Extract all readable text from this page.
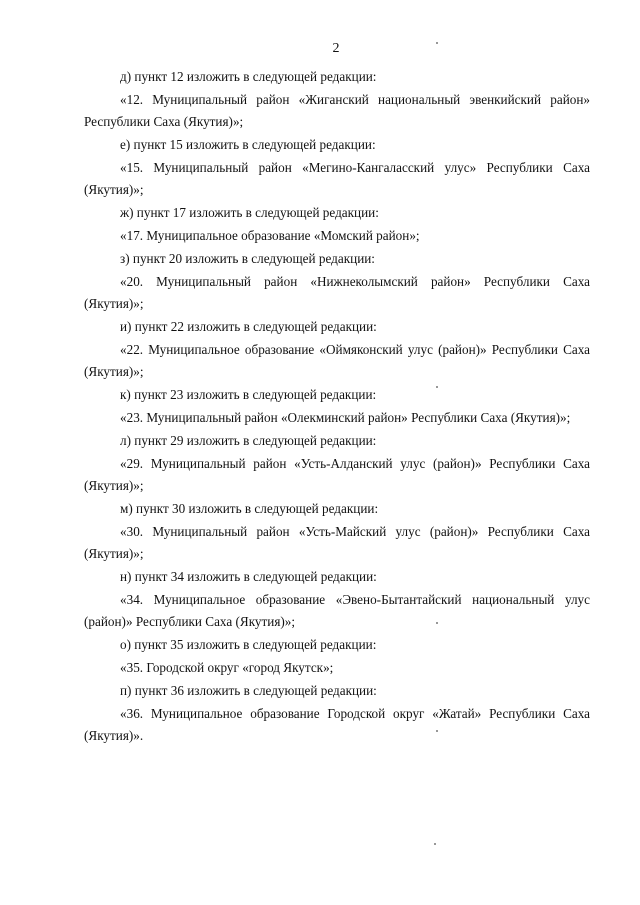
2

д) пункт 12 изложить в следующей редакции:

«12. Муниципальный район «Жиганский национальный эвенкийский район» Республики Саха (Якутия)»;

е) пункт 15 изложить в следующей редакции:

«15. Муниципальный район «Мегино-Кангаласский улус» Республики Саха (Якутия)»;

ж) пункт 17 изложить в следующей редакции:

«17. Муниципальное образование «Момский район»;

з) пункт 20 изложить в следующей редакции:

«20. Муниципальный район «Нижнеколымский район» Республики Саха (Якутия)»;

и) пункт 22 изложить в следующей редакции:

«22. Муниципальное образование «Оймяконский улус (район)» Республики Саха (Якутия)»;

к) пункт 23 изложить в следующей редакции:

«23. Муниципальный район «Олекминский район» Республики Саха (Якутия)»;

л) пункт 29 изложить в следующей редакции:

«29. Муниципальный район «Усть-Алданский улус (район)» Республики Саха (Якутия)»;

м) пункт 30 изложить в следующей редакции:

«30. Муниципальный район «Усть-Майский улус (район)» Республики Саха (Якутия)»;

н) пункт 34 изложить в следующей редакции:

«34. Муниципальное образование «Эвено-Бытантайский национальный улус (район)» Республики Саха (Якутия)»;

о) пункт 35 изложить в следующей редакции:

«35. Городской округ «город Якутск»;

п) пункт 36 изложить в следующей редакции:

«36. Муниципальное образование Городской округ «Жатай» Республики Саха (Якутия)».
